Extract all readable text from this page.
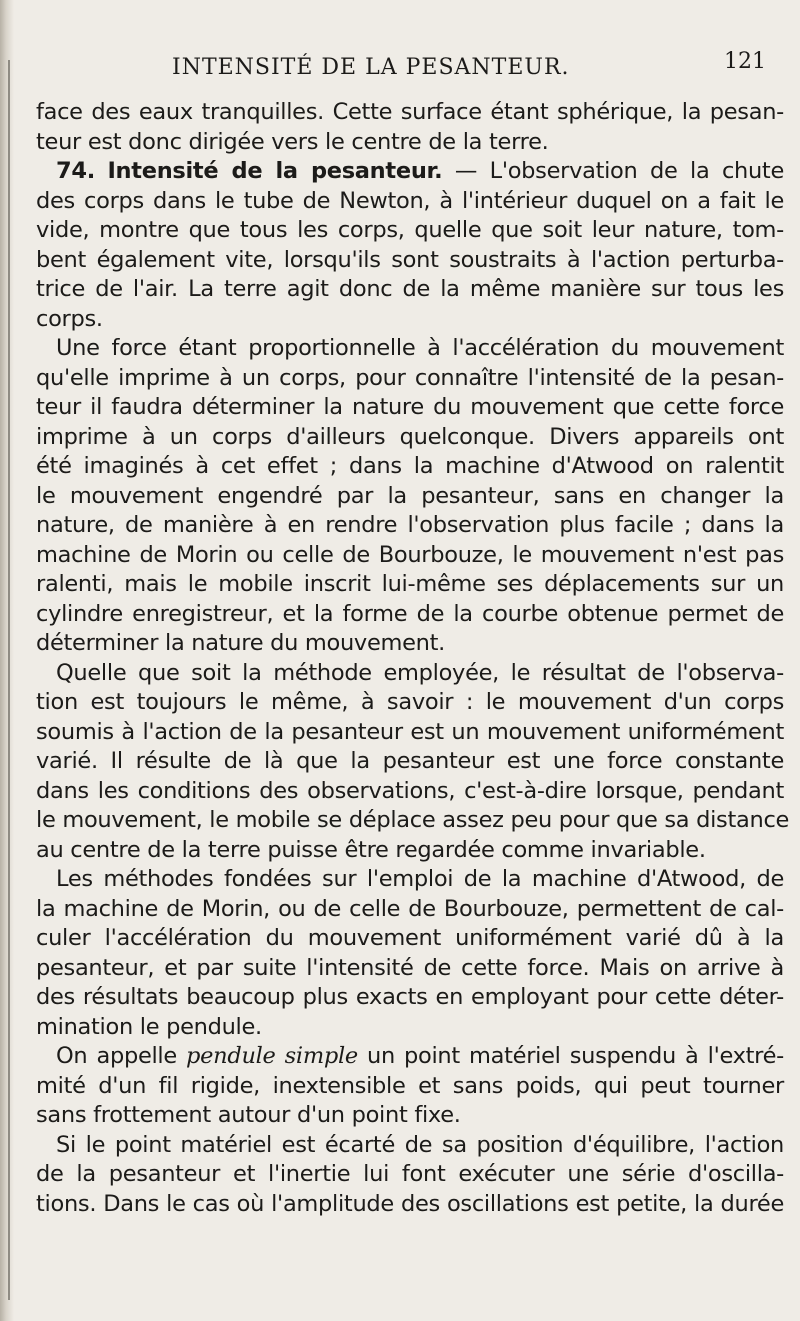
INTENSITÉ DE LA PESANTEUR.	121
face des eaux tranquilles. Cette surface étant sphérique, la pesan-
teur est donc dirigée vers le centre de la terre.
74. Intensité de la pesanteur. — L'observation de la chute
des corps dans le tube de Newton, à l'intérieur duquel on a fait le
vide, montre que tous les corps, quelle que soit leur nature, tom-
bent également vite, lorsqu'ils sont soustraits à l'action perturba-
trice de l'air. La terre agit donc de la même manière sur tous les
corps.
Une force étant proportionnelle à l'accélération du mouvement
qu'elle imprime à un corps, pour connaître l'intensité de la pesan-
teur il faudra déterminer la nature du mouvement que cette force
imprime à un corps d'ailleurs quelconque. Divers appareils ont
été imaginés à cet effet ; dans la machine d'Atwood on ralentit
le mouvement engendré par la pesanteur, sans en changer la
nature, de manière à en rendre l'observation plus facile ; dans la
machine de Morin ou celle de Bourbouze, le mouvement n'est pas
ralenti, mais le mobile inscrit lui-même ses déplacements sur un
cylindre enregistreur, et la forme de la courbe obtenue permet de
déterminer la nature du mouvement.
Quelle que soit la méthode employée, le résultat de l'observa-
tion est toujours le même, à savoir : le mouvement d'un corps
soumis à l'action de la pesanteur est un mouvement uniformément
varié. Il résulte de là que la pesanteur est une force constante
dans les conditions des observations, c'est-à-dire lorsque, pendant
le mouvement, le mobile se déplace assez peu pour que sa distance
au centre de la terre puisse être regardée comme invariable.
Les méthodes fondées sur l'emploi de la machine d'Atwood, de
la machine de Morin, ou de celle de Bourbouze, permettent de cal-
culer l'accélération du mouvement uniformément varié dû à la
pesanteur, et par suite l'intensité de cette force. Mais on arrive à
des résultats beaucoup plus exacts en employant pour cette déter-
mination le pendule.
On appelle pendule simple un point matériel suspendu à l'extré-
mité d'un fil rigide, inextensible et sans poids, qui peut tourner
sans frottement autour d'un point fixe.
Si le point matériel est écarté de sa position d'équilibre, l'action
de la pesanteur et l'inertie lui font exécuter une série d'oscilla-
tions. Dans le cas où l'amplitude des oscillations est petite, la durée
